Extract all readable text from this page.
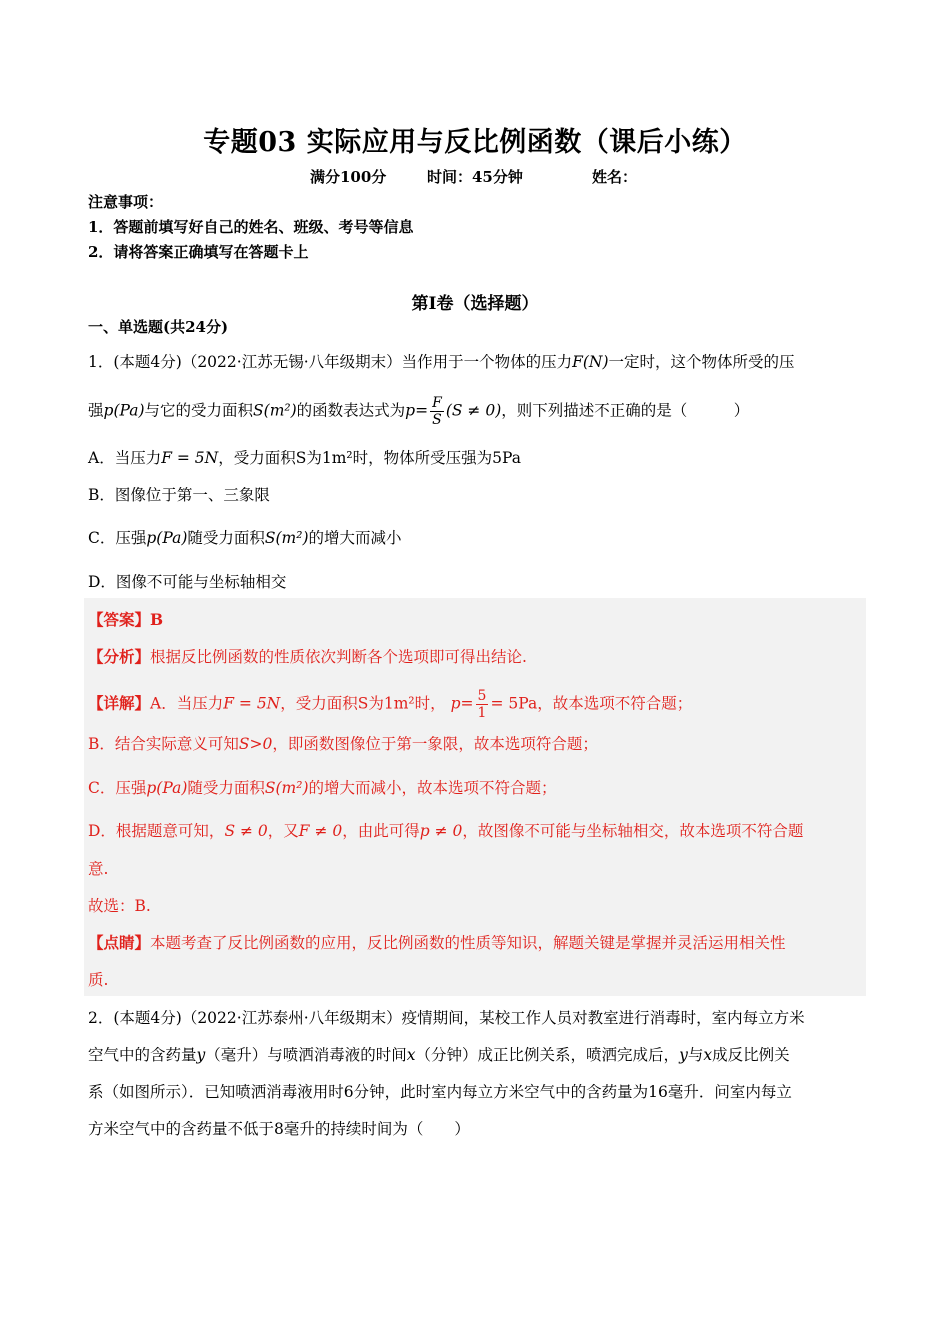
专题03 实际应用与反比例函数（课后小练）
满分100分	时间：45分钟	姓名：
注意事项：
1．答题前填写好自己的姓名、班级、考号等信息
2．请将答案正确填写在答题卡上
第Ⅰ卷（选择题）
一、单选题(共24分)
1．(本题4分)（2022·江苏无锡·八年级期末）当作用于一个物体的压力F(N)一定时，这个物体所受的压
强p(Pa)与它的受力面积S(m²)的函数表达式为$p= \frac{F}{S} (S \ne 0)$，则下列描述不正确的是（　　　）
A．当压力F = 5N，受力面积S为1m²时，物体所受压强为5Pa
B．图像位于第一、三象限
C．压强p(Pa)随受力面积S(m²)的增大而减小
D．图像不可能与坐标轴相交
【答案】B
【分析】根据反比例函数的性质依次判断各个选项即可得出结论.
【详解】A．当压力F = 5N，受力面积S为1m²时， $p= \frac{5}{1} = 5Pa$，故本选项不符合题；
B．结合实际意义可知S>0，即函数图像位于第一象限，故本选项符合题；
C．压强p(Pa)随受力面积S(m²)的增大而减小，故本选项不符合题；
D．根据题意可知，S ≠ 0，又F ≠ 0，由此可得p ≠ 0，故图像不可能与坐标轴相交，故本选项不符合题
意.
故选：B.
【点睛】本题考查了反比例函数的应用，反比例函数的性质等知识，解题关键是掌握并灵活运用相关性
质.
2．(本题4分)（2022·江苏泰州·八年级期末）疫情期间，某校工作人员对教室进行消毒时，室内每立方米
空气中的含药量y（毫升）与喷洒消毒液的时间x（分钟）成正比例关系，喷洒完成后，y与x成反比例关
系（如图所示）．已知喷洒消毒液用时6分钟，此时室内每立方米空气中的含药量为16毫升．问室内每立
方米空气中的含药量不低于8毫升的持续时间为（　　）
